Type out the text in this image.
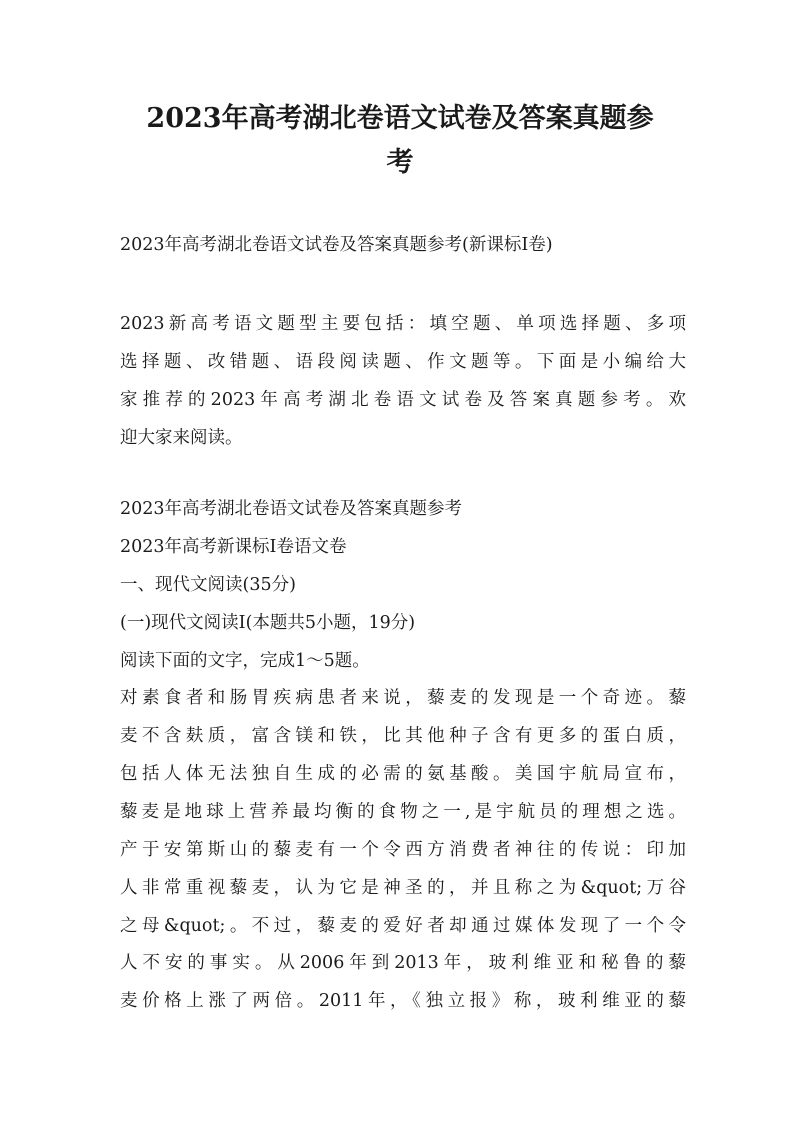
2023年高考湖北卷语文试卷及答案真题参
考

2023年高考湖北卷语文试卷及答案真题参考(新课标Ⅰ卷)

2023新高考语文题型主要包括：填空题、单项选择题、多项

选择题、改错题、语段阅读题、作文题等。下面是小编给大

家推荐的2023年高考湖北卷语文试卷及答案真题参考。欢

迎大家来阅读。

2023年高考湖北卷语文试卷及答案真题参考

2023年高考新课标Ⅰ卷语文卷

一、现代文阅读(35分)

(一)现代文阅读Ⅰ(本题共5小题，19分)

阅读下面的文字，完成1～5题。

对素食者和肠胃疾病患者来说，藜麦的发现是一个奇迹。藜

麦不含麸质，富含镁和铁，比其他种子含有更多的蛋白质，

包括人体无法独自生成的必需的氨基酸。美国宇航局宣布，

藜麦是地球上营养最均衡的食物之一,是宇航员的理想之选。

产于安第斯山的藜麦有一个令西方消费者神往的传说：印加

人非常重视藜麦，认为它是神圣的，并且称之为&quot;万谷

之母&quot;。不过，藜麦的爱好者却通过媒体发现了一个令

人不安的事实。从2006年到2013年，玻利维亚和秘鲁的藜

麦价格上涨了两倍。2011年，《独立报》称，玻利维亚的藜
